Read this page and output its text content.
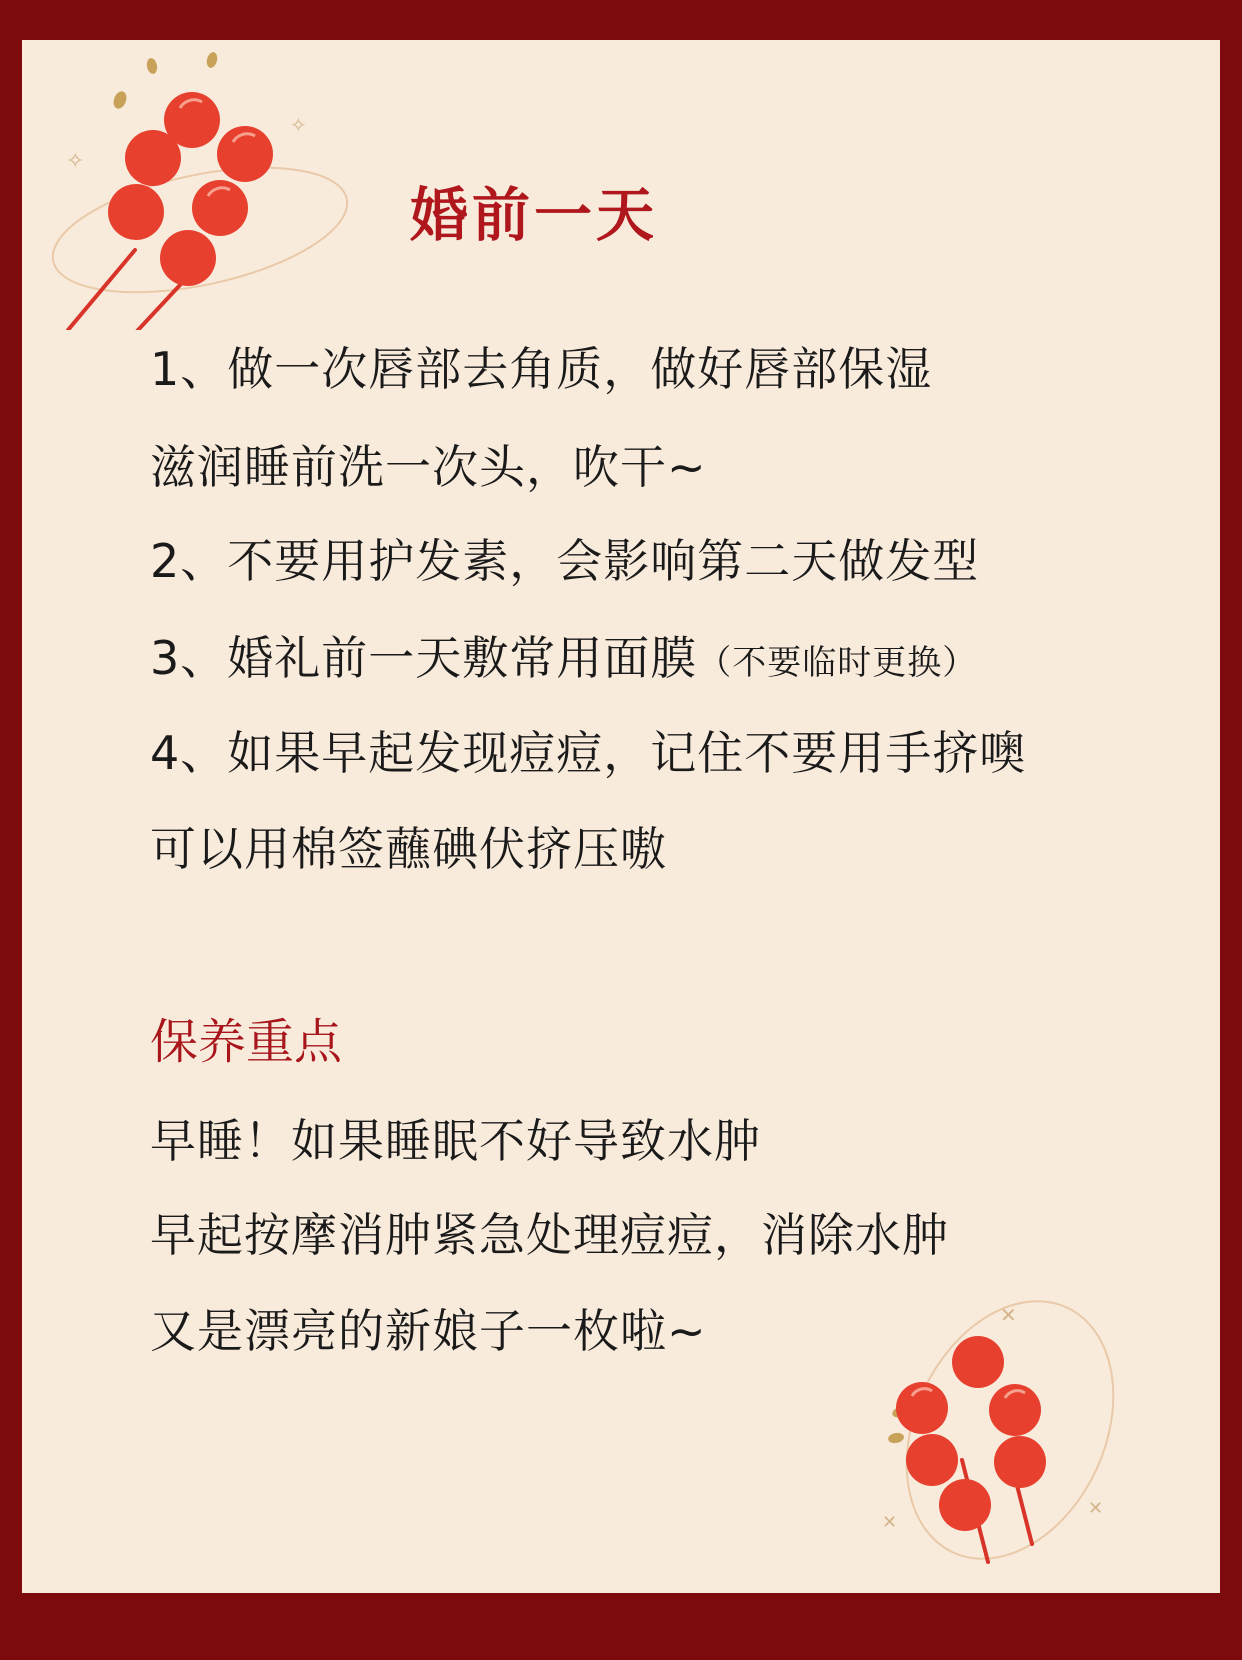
✧
✧
婚前一天
1、做一次唇部去角质，做好唇部保湿
滋润睡前洗一次头，吹干~
2、不要用护发素，会影响第二天做发型
3、婚礼前一天敷常用面膜（不要临时更换）
4、如果早起发现痘痘，记住不要用手挤噢
可以用棉签蘸碘伏挤压嗷
保养重点
早睡！如果睡眠不好导致水肿
早起按摩消肿紧急处理痘痘，消除水肿
又是漂亮的新娘子一枚啦~	✕
✕
✕
